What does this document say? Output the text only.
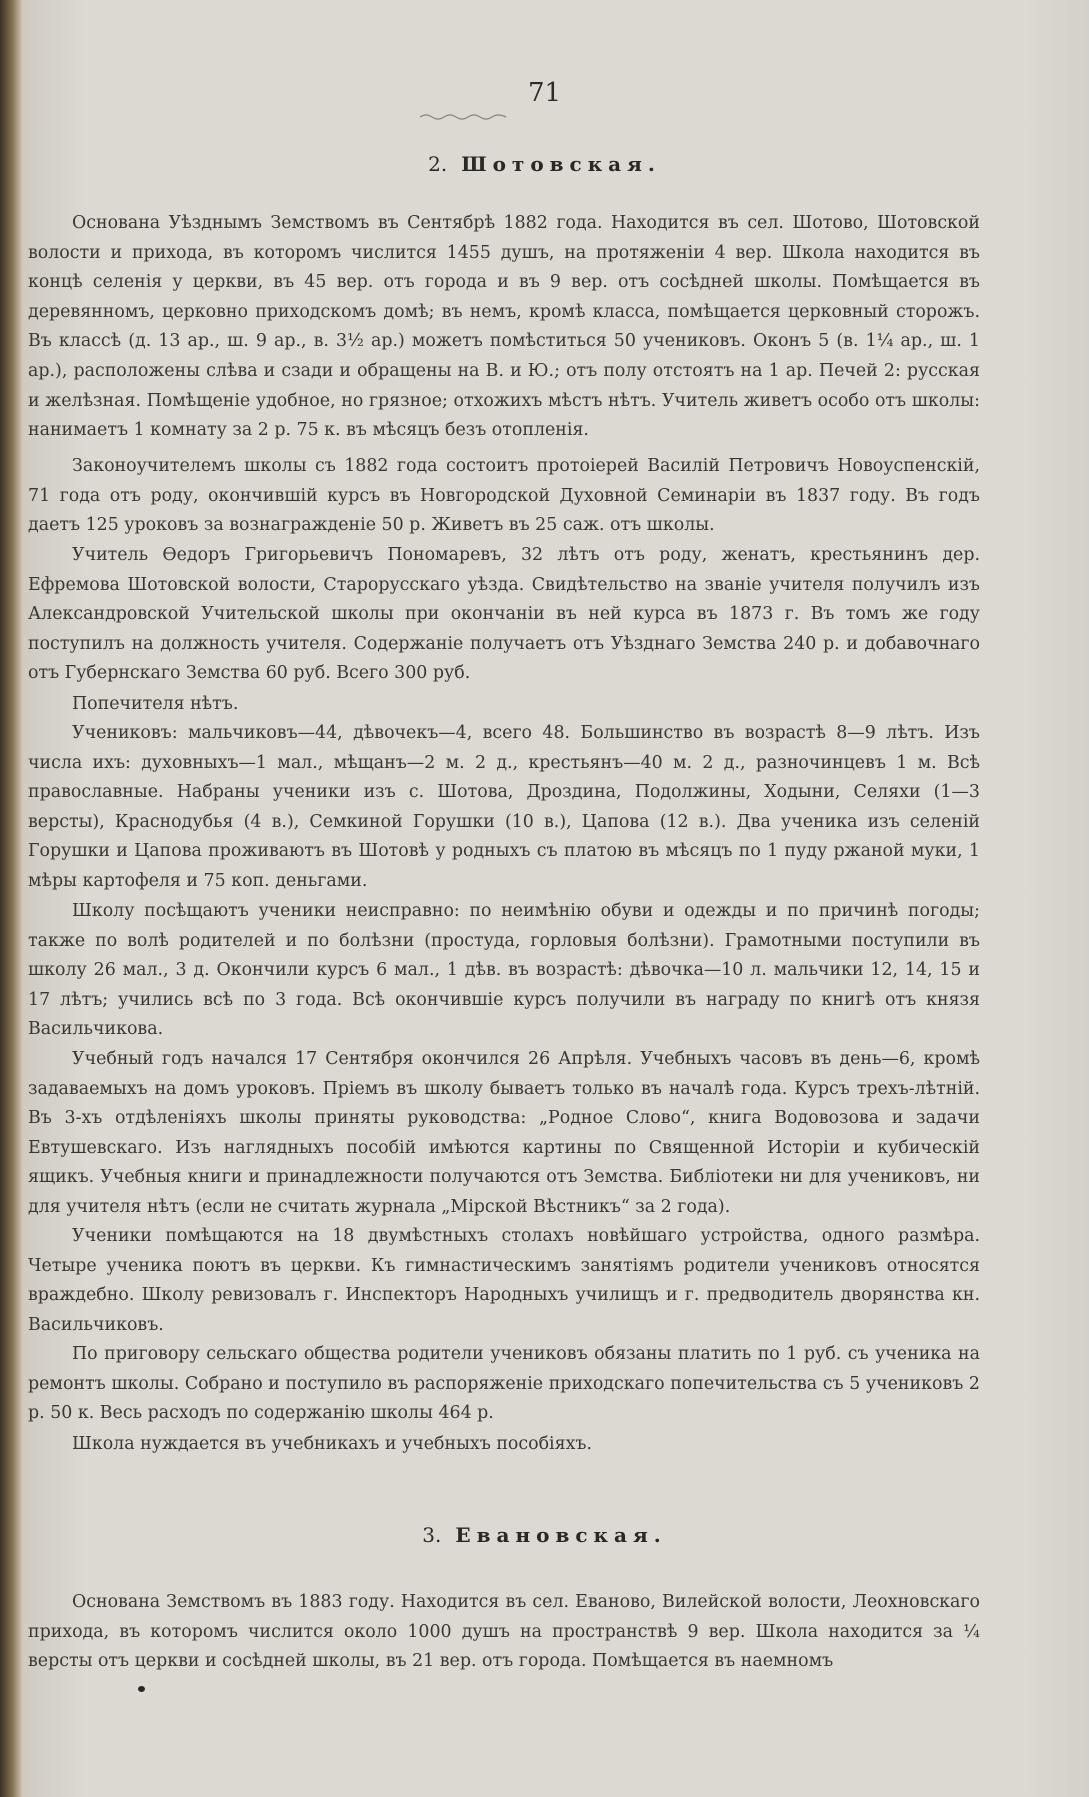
71
2. Шотовская.

Основана Уѣзднымъ Земствомъ въ Сентябрѣ 1882 года. Находится въ сел. Шотово, Шотовской волости и прихода, въ которомъ числится 1455 душъ, на протяженіи 4 вер. Школа находится въ концѣ селенія у церкви, въ 45 вер. отъ города и въ 9 вер. отъ сосѣдней школы. Помѣщается въ деревянномъ, церковно приходскомъ домѣ; въ немъ, кромѣ класса, помѣщается церковный сторожъ. Въ классѣ (д. 13 ар., ш. 9 ар., в. 3½ ар.) можетъ помѣститься 50 учениковъ. Оконъ 5 (в. 1¼ ар., ш. 1 ар.), расположены слѣва и сзади и обращены на В. и Ю.; отъ полу отстоятъ на 1 ар. Печей 2: русская и желѣзная. Помѣщеніе удобное, но грязное; отхожихъ мѣстъ нѣтъ. Учитель живетъ особо отъ школы: нанимаетъ 1 комнату за 2 р. 75 к. въ мѣсяцъ безъ отопленія.

Законоучителемъ школы съ 1882 года состоитъ протоіерей Василій Петровичъ Новоуспенскій, 71 года отъ роду, окончившій курсъ въ Новгородской Духовной Семинаріи въ 1837 году. Въ годъ даетъ 125 уроковъ за вознагражденіе 50 р. Живетъ въ 25 саж. отъ школы.

Учитель Ѳедоръ Григорьевичъ Пономаревъ, 32 лѣтъ отъ роду, женатъ, крестьянинъ дер. Ефремова Шотовской волости, Старорусскаго уѣзда. Свидѣтельство на званіе учителя получилъ изъ Александровской Учительской школы при окончаніи въ ней курса въ 1873 г. Въ томъ же году поступилъ на должность учителя. Содержаніе получаетъ отъ Уѣзднаго Земства 240 р. и добавочнаго отъ Губернскаго Земства 60 руб. Всего 300 руб.

Попечителя нѣтъ.

Учениковъ: мальчиковъ—44, дѣвочекъ—4, всего 48. Большинство въ возрастѣ 8—9 лѣтъ. Изъ числа ихъ: духовныхъ—1 мал., мѣщанъ—2 м. 2 д., крестьянъ—40 м. 2 д., разночинцевъ 1 м. Всѣ православные. Набраны ученики изъ с. Шотова, Дроздина, Подолжины, Ходыни, Селяхи (1—3 версты), Краснодубья (4 в.), Семкиной Горушки (10 в.), Цапова (12 в.). Два ученика изъ селеній Горушки и Цапова проживаютъ въ Шотовѣ у родныхъ съ платою въ мѣсяцъ по 1 пуду ржаной муки, 1 мѣры картофеля и 75 коп. деньгами.

Школу посѣщаютъ ученики неисправно: по неимѣнію обуви и одежды и по причинѣ погоды; также по волѣ родителей и по болѣзни (простуда, горловыя болѣзни). Грамотными поступили въ школу 26 мал., 3 д. Окончили курсъ 6 мал., 1 дѣв. въ возрастѣ: дѣвочка—10 л. мальчики 12, 14, 15 и 17 лѣтъ; учились всѣ по 3 года. Всѣ окончившіе курсъ получили въ награду по книгѣ отъ князя Васильчикова.

Учебный годъ начался 17 Сентября окончился 26 Апрѣля. Учебныхъ часовъ въ день—6, кромѣ задаваемыхъ на домъ уроковъ. Пріемъ въ школу бываетъ только въ началѣ года. Курсъ трехъ-лѣтній. Въ 3-хъ отдѣленіяхъ школы приняты руководства: „Родное Слово“, книга Водовозова и задачи Евтушевскаго. Изъ наглядныхъ пособій имѣются картины по Священной Исторіи и кубическій ящикъ. Учебныя книги и принадлежности получаются отъ Земства. Библіотеки ни для учениковъ, ни для учителя нѣтъ (если не считать журнала „Мірской Вѣстникъ“ за 2 года).

Ученики помѣщаются на 18 двумѣстныхъ столахъ новѣйшаго устройства, одного размѣра. Четыре ученика поютъ въ церкви. Къ гимнастическимъ занятіямъ родители учениковъ относятся враждебно. Школу ревизовалъ г. Инспекторъ Народныхъ училищъ и г. предводитель дворянства кн. Васильчиковъ.

По приговору сельскаго общества родители учениковъ обязаны платить по 1 руб. съ ученика на ремонтъ школы. Собрано и поступило въ распоряженіе приходскаго попечительства съ 5 учениковъ 2 р. 50 к. Весь расходъ по содержанію школы 464 р.

Школа нуждается въ учебникахъ и учебныхъ пособіяхъ.

3. Евановская.

Основана Земствомъ въ 1883 году. Находится въ сел. Еваново, Вилейской волости, Леохновскаго прихода, въ которомъ числится около 1000 душъ на пространствѣ 9 вер. Школа находится за ¼ версты отъ церкви и сосѣдней школы, въ 21 вер. отъ города. Помѣщается въ наемномъ
